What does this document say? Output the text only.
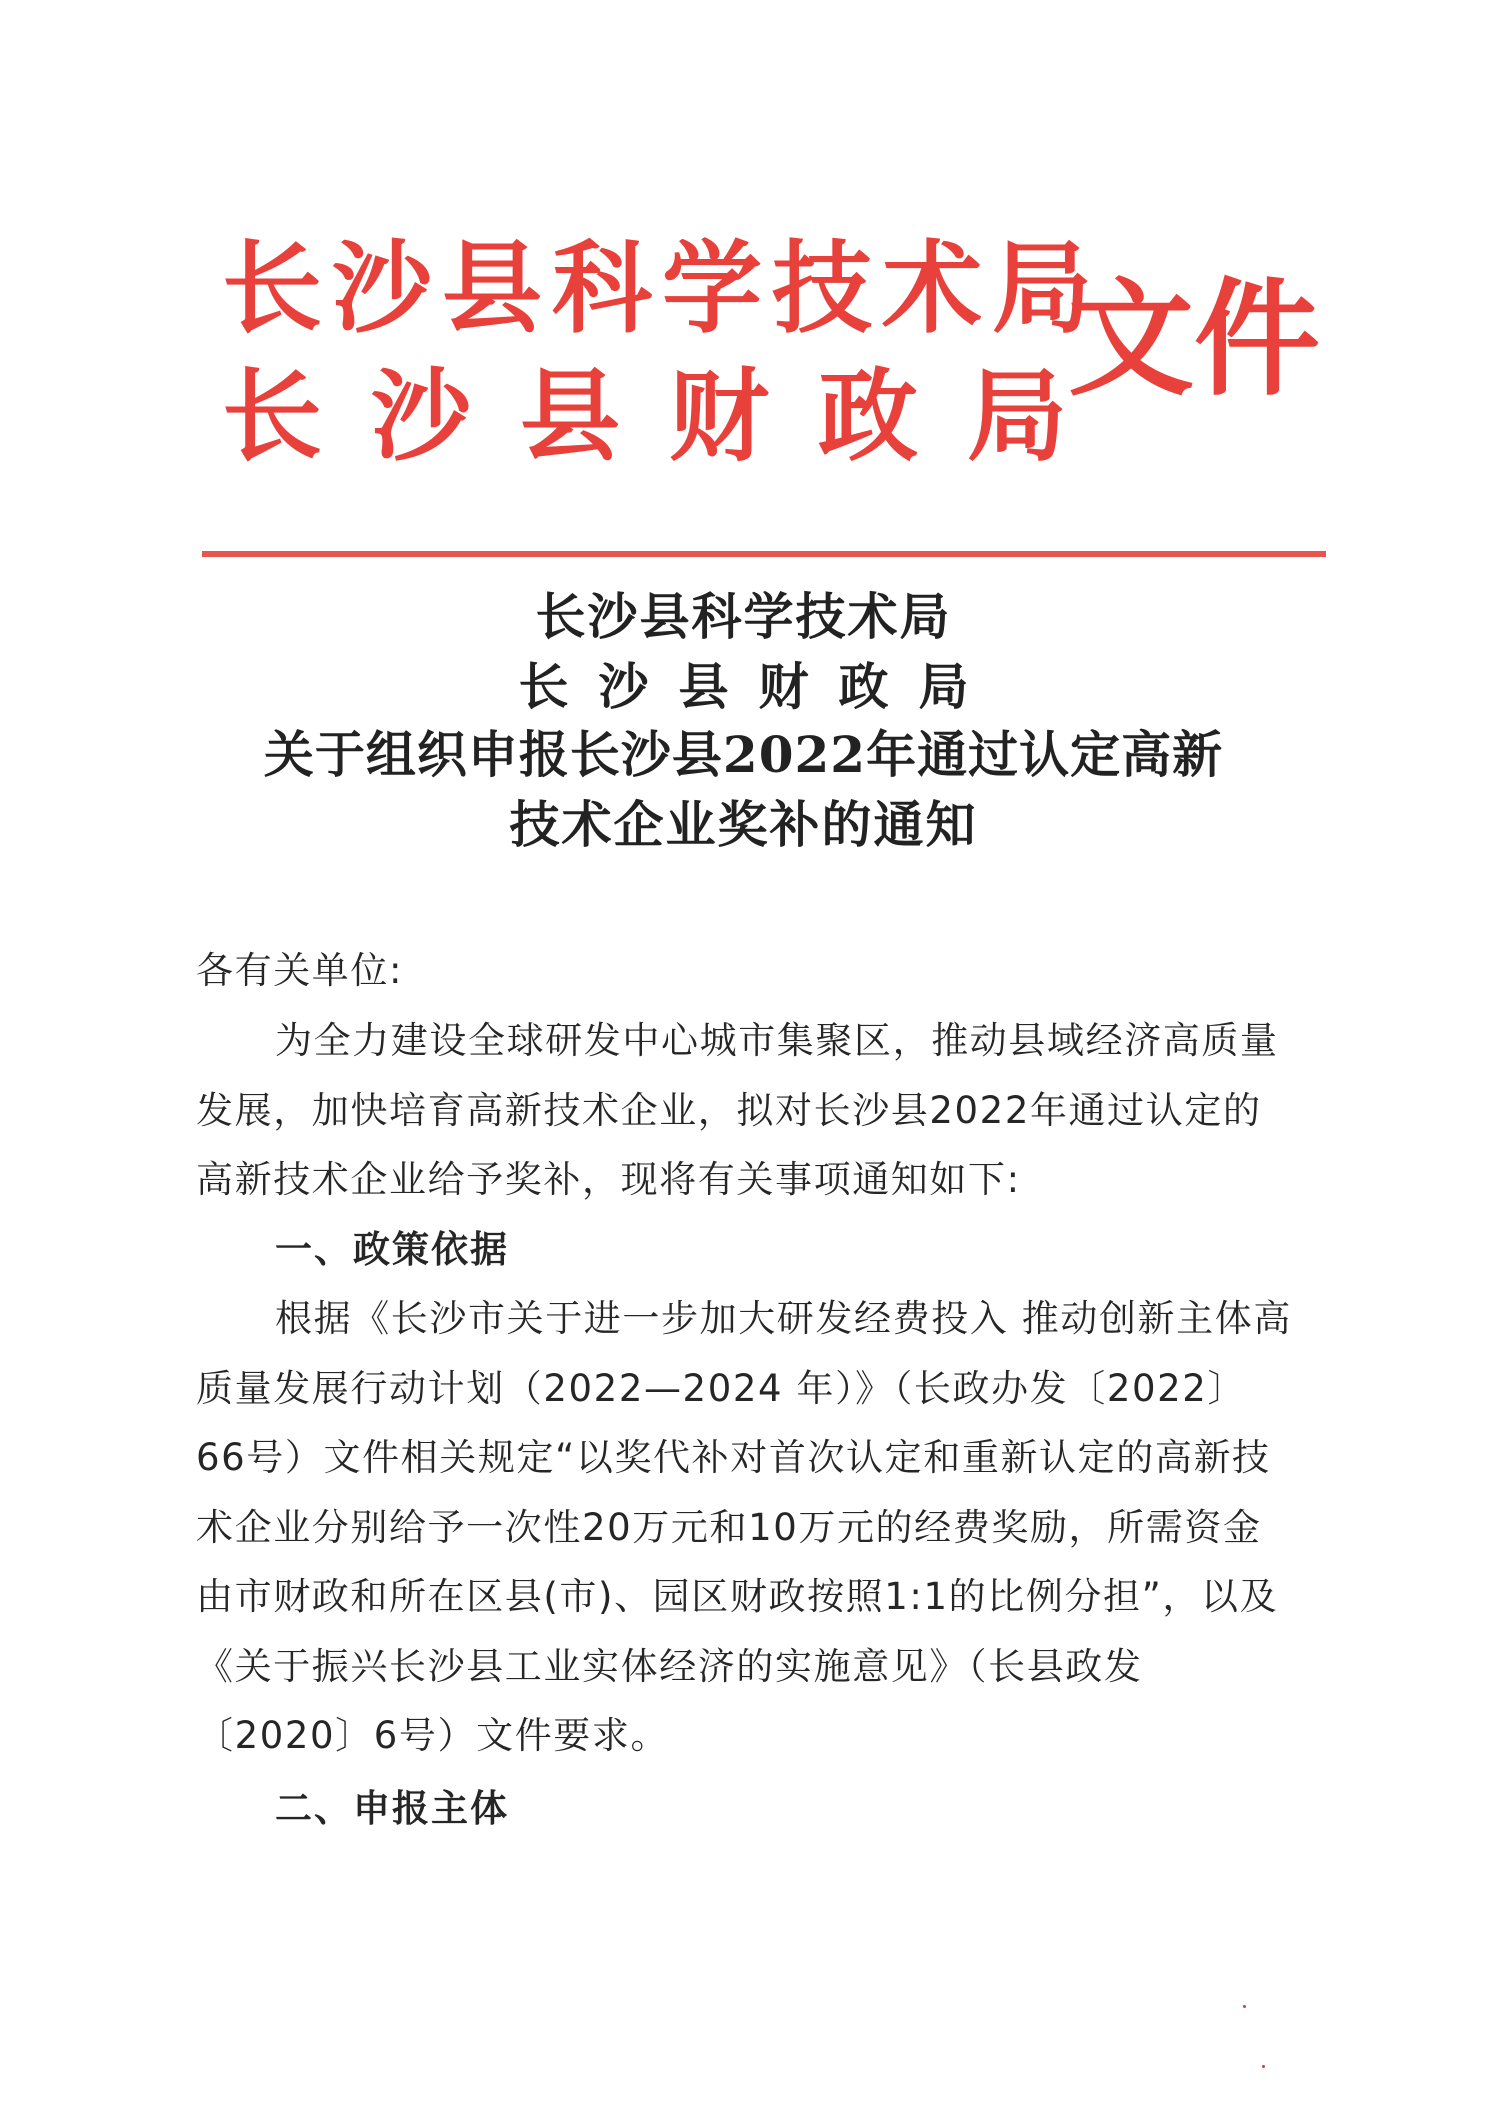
长沙县科学技术局
长沙县财政局
文件
长沙县科学技术局
长沙县财政局
关于组织申报长沙县2022年通过认定高新
技术企业奖补的通知

各有关单位:

为全力建设全球研发中心城市集聚区，推动县域经济高质量发展，加快培育高新技术企业，拟对长沙县2022年通过认定的高新技术企业给予奖补，现将有关事项通知如下:

一、政策依据

根据《长沙市关于进一步加大研发经费投入 推动创新主体高质量发展行动计划（2022—2024 年）》（长政办发〔2022〕66号）文件相关规定“以奖代补对首次认定和重新认定的高新技术企业分别给予一次性20万元和10万元的经费奖励，所需资金由市财政和所在区县(市)、园区财政按照1:1的比例分担”，以及《关于振兴长沙县工业实体经济的实施意见》（长县政发〔2020〕6号）文件要求。

二、申报主体
